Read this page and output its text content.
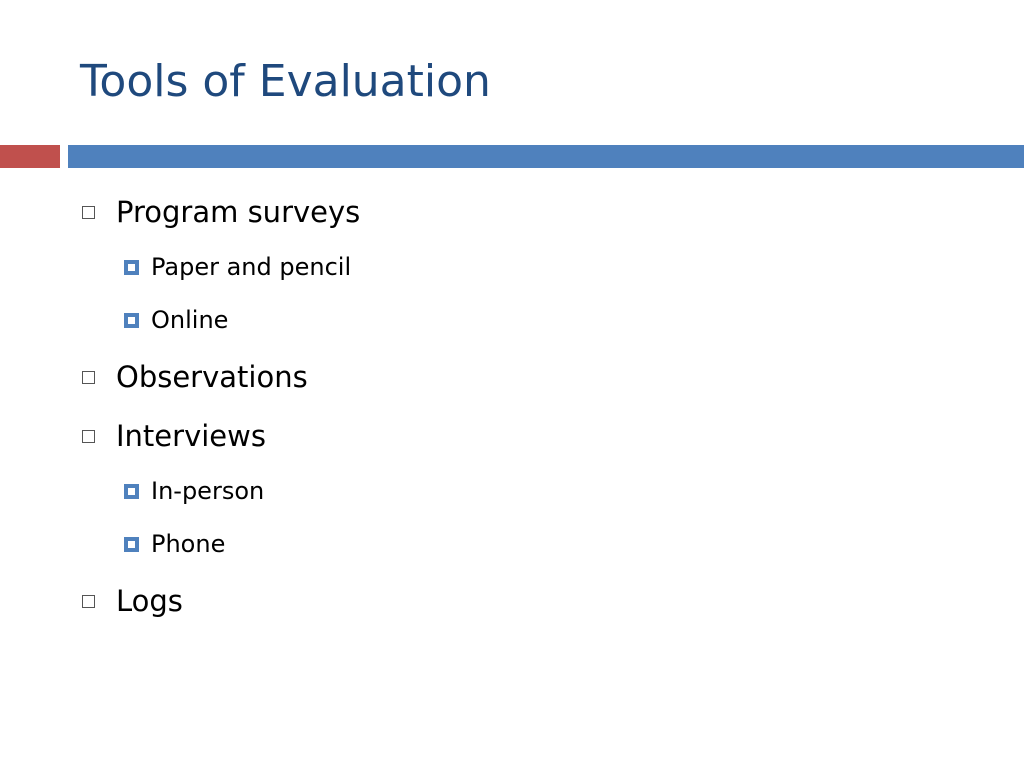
Tools of Evaluation
Program surveys
Paper and pencil
Online
Observations
Interviews
In-person
Phone
Logs
